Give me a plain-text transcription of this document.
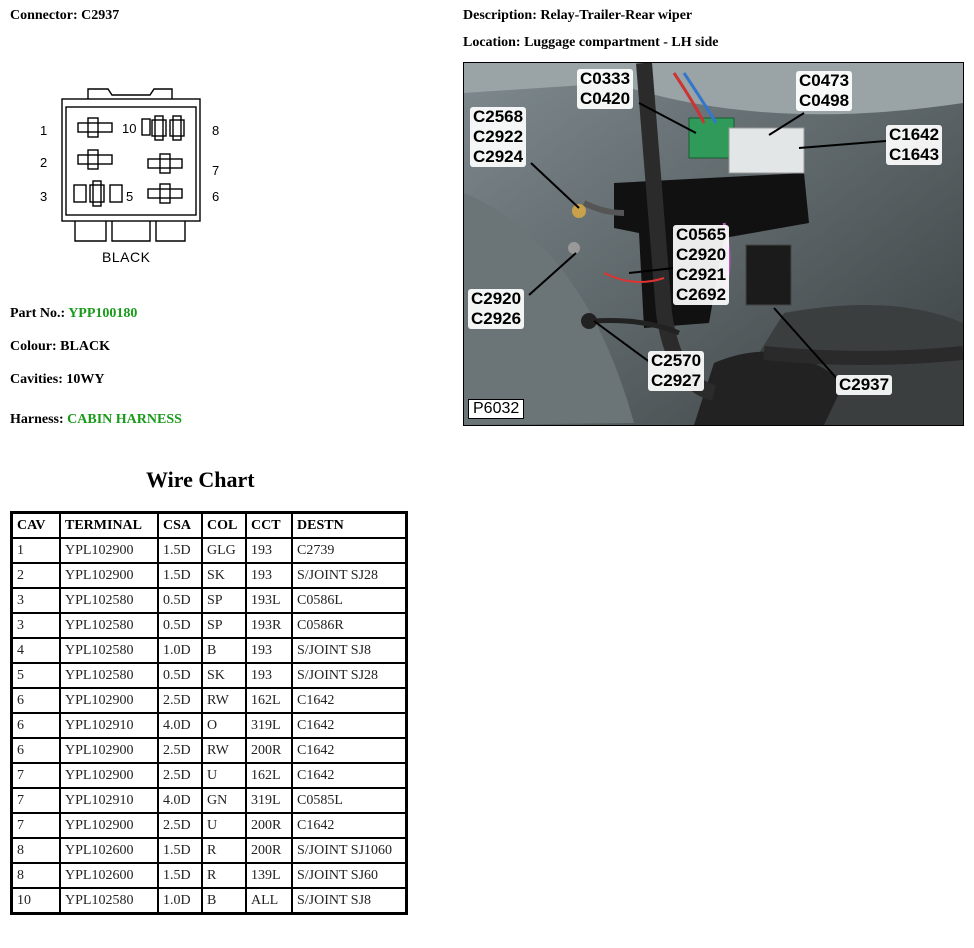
Connector: C2937	Description: Relay-Trailer-Rear wiper
Location: Luggage compartment - LH side
1
2
3
10
5
8
7
6
BLACK
Part No.: YPP100180
Colour: BLACK
Cavities: 10WY
Harness: CABIN HARNESS
C0333
C0420
C0473
C0498
C2568
C2922
C2924
C1642
C1643
C0565
C2920
C2921
C2692
C2920
C2926
C2570
C2927	C2937
P6032
Wire Chart
CAV	TERMINAL	CSA	COL	CCT	DESTN
1	YPL102900	1.5D	GLG	193	C2739
2	YPL102900	1.5D	SK	193	S/JOINT SJ28
3	YPL102580	0.5D	SP	193L	C0586L
3	YPL102580	0.5D	SP	193R	C0586R
4	YPL102580	1.0D	B	193	S/JOINT SJ8
5	YPL102580	0.5D	SK	193	S/JOINT SJ28
6	YPL102900	2.5D	RW	162L	C1642
6	YPL102910	4.0D	O	319L	C1642
6	YPL102900	2.5D	RW	200R	C1642
7	YPL102900	2.5D	U	162L	C1642
7	YPL102910	4.0D	GN	319L	C0585L
7	YPL102900	2.5D	U	200R	C1642
8	YPL102600	1.5D	R	200R	S/JOINT SJ1060
8	YPL102600	1.5D	R	139L	S/JOINT SJ60
10	YPL102580	1.0D	B	ALL	S/JOINT SJ8
